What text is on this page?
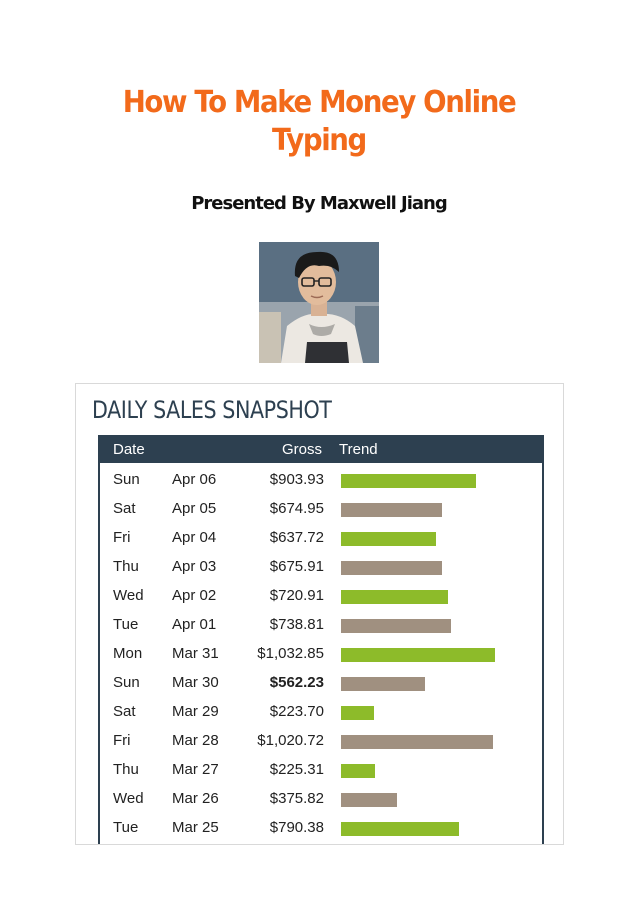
How To Make Money Online
Typing
Presented By Maxwell Jiang
DAILY SALES SNAPSHOT
Date	Gross Trend
Sun Apr 06	$903.93
Sat Apr 05	$674.95
Fri	Apr 04	$637.72
Thu Apr 03	$675.91
Wed Apr 02	$720.91
Tue Apr 01	$738.81
Mon Mar 31	$1,032.85
Sun Mar 30	$562.23
Sat Mar 29	$223.70
Fri	Mar 28	$1,020.72
Thu Mar 27	$225.31
Wed Mar 26	$375.82
Tue Mar 25	$790.38
